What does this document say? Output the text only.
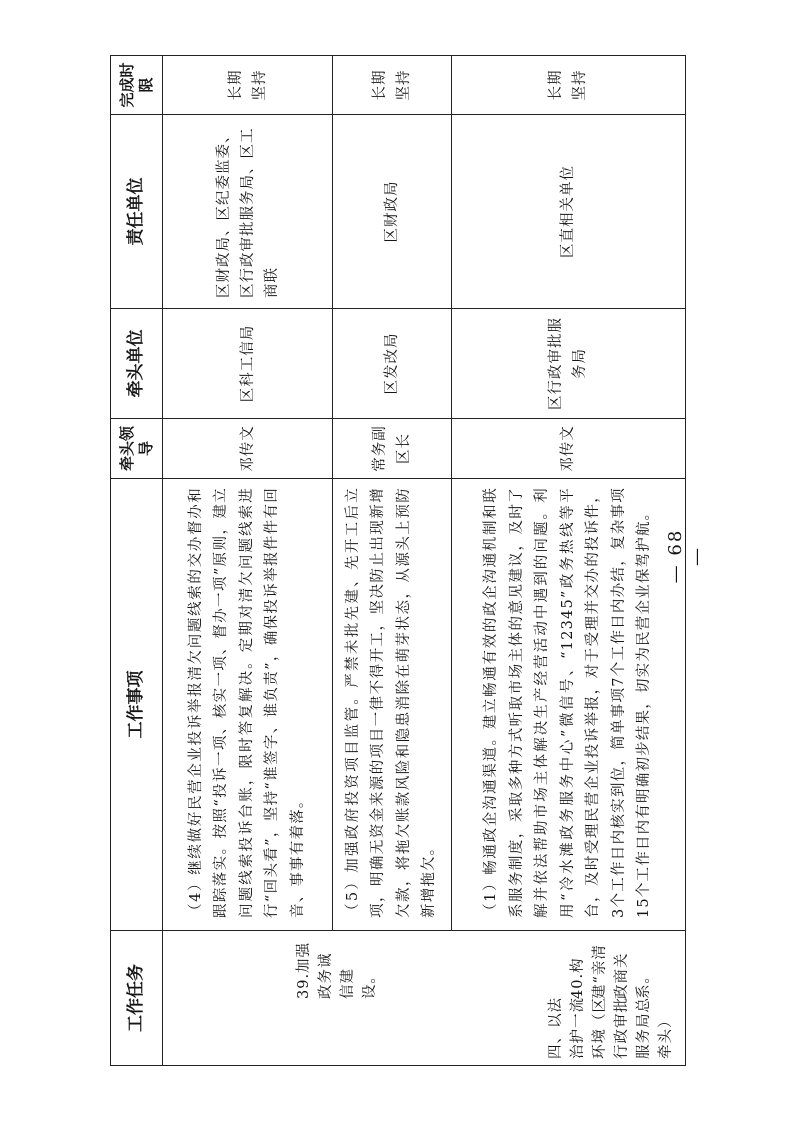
工作任务	工作事项	牵头领导	牵头单位	责任单位	完成时限

四、以法治护一流环境（区行政审批服务局总牵头）
39.加强政务诚信建设。 40.构建“亲清政商关系。	（4）继续做好民营企业投诉举报清欠问题线索的交办督办和跟踪落实。按照“投诉一项、核实一项、督办一项”原则，建立问题线索投诉台账，限时答复解决。定期对清欠问题线索进行“回头看”，坚持“谁签字、谁负责”，确保投诉举报件件有回音、事事有着落。	邓传文	区科工信局	区财政局、区纪委监委、区行政审批服务局、区工商联	长期坚持

	（5）加强政府投资项目监管。严禁未批先建、先开工后立项，明确无资金来源的项目一律不得开工，坚决防止出现新增欠款，将拖欠账款风险和隐患消除在萌芽状态，从源头上预防新增拖欠。	常务副区长	区发改局	区财政局	长期坚持

	（1）畅通政企沟通渠道。建立畅通有效的政企沟通机制和联系服务制度，采取多种方式听取市场主体的意见建议，及时了解并依法帮助市场主体解决生产经营活动中遇到的问题。利用“冷水滩政务服务中心”微信号、“12345”政务热线等平台，及时受理民营企业投诉举报，对于受理并交办的投诉件，3个工作日内核实到位，简单事项7个工作日内办结，复杂事项15个工作日内有明确初步结果，切实为民营企业保驾护航。	邓传文	区行政审批服务局	区直相关单位	长期坚持
— 68 —
